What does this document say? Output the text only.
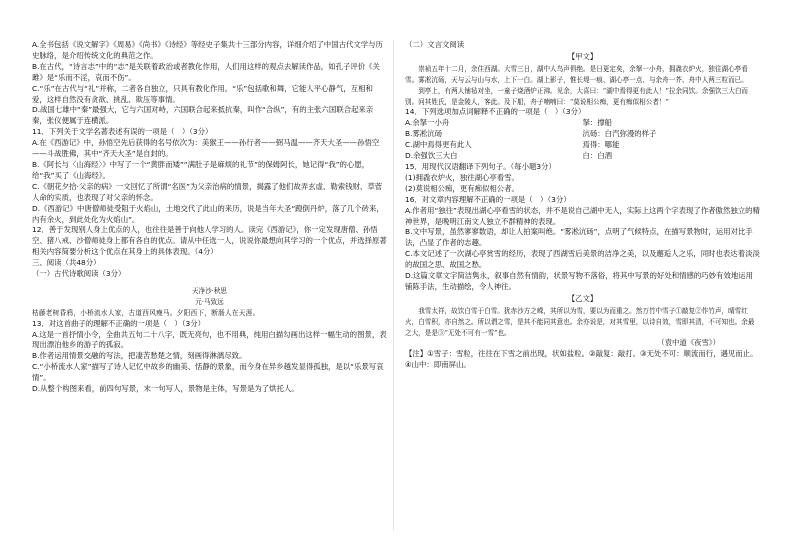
A.全书包括《说文解字》《周易》《尚书》《诗经》等经史子集共十三部分内容，详细介绍了中国古代文学与历史脉络，是介绍传统文化的典范之作。

B.在古代，“诗言志”中的“志”是关联着政治或者教化作用，人们用这样的观点去解读作品，如孔子评价《关雎》是“乐而不淫，哀而不伤”。

C.“乐”在古代与“礼”并称，二者各自独立，只具有教化作用。“乐”包括歌和舞，它能人平心静气，互相和爱，这样自然没有贪欲、挑乱、欺压等事情。

D.战国七雄中“秦”最强大，它与六国对峙，六国联合起来抵抗秦，叫作“合纵”，有的主张六国联合起来亲秦，张仪便属于连横派。

11．下列关于文学名著表述有误的一项是（　）（3分）

A.在《西游记》中，孙悟空先后获得的名号依次为：美猴王——孙行者——弼马温——齐天大圣——孙悟空——斗战胜佛，其中“齐天大圣”是自封的。

B.《阿长与〈山海经〉》中写了一个“黄胖而矮”“满肚子是麻烦的礼节”的保姆阿长，她记得“我”的心愿，给“我”买了《山海经》。

C.《朝花夕拾·父亲的病》一文回忆了所谓“名医”为父亲治病的情景，揭露了他们故弄玄虚、勒索钱财、草菅人命的实质，也表现了对父亲的怀念。

D.《西游记》中唐僧师徒受阻于火焰山，土地交代了此山的来历，说是当年大圣“蹬倒丹炉，落了几个砖来，内有余火，到此处化为火焰山”。

12．善于发现别人身上优点的人，也往往是善于向他人学习的人。读完《西游记》，你一定发现唐僧、孙悟空、猪八戒、沙僧师徒身上都有各自的优点。请从中任选一人，说说你最想向其学习的一个优点，并选择原著相关内容简要分析这个优点在其身上的具体表现。（4分）

三、阅读（共48分）

（一）古代诗歌阅读（3分）

天净沙·秋思

元·马致远

枯藤老树昏鸦，小桥流水人家，古道西风瘦马。夕阳西下，断肠人在天涯。

13．对这首曲子的理解不正确的一项是（　）（3分）

A.这是一首抒情小令，全曲共五句二十八字，既无亮句，也不用典，纯用白描勾画出这样一幅生动的图景，表现出漂泊他乡的游子的孤寂。

B.作者运用情景交融的写法，把凄苦愁楚之情，刻画得淋漓尽致。

C.“小桥流水人家”描写了诗人记忆中故乡的幽美、恬静的景象，而今身在异乡越发显得孤独，是以“乐景写哀情”。

D.从整个构图来看，前四句写景，末一句写人，景物是主体，写景是为了烘托人。

（二）文言文阅读

【甲文】

崇祯五年十二月，余住西湖。大雪三日，湖中人鸟声俱绝。是日更定矣，余拏一小舟，拥毳衣炉火，独往湖心亭看雪。雾凇沆砀，天与云与山与水，上下一白。湖上影子，惟长堤一痕、湖心亭一点、与余舟一芥、舟中人两三粒而已。

到亭上，有两人铺毡对坐，一童子烧酒炉正沸。见余，大喜曰：“湖中焉得更有此人！”拉余同饮。余强饮三大白而别。问其姓氏，是金陵人，客此。及下船，舟子喃喃曰：“莫说相公痴，更有痴似相公者！”

14．下列选项加点词解释不正确的一项是（　）（3分）

A.余拏一小舟	拏：撑船
B.雾凇沆砀	沆砀：白汽弥漫的样子
C.湖中焉得更有此人	焉得：哪能
D.余强饮三大白	白：白酒

15．用现代汉语翻译下列句子。（每小题3分）

(1)拥毳衣炉火，独往湖心亭看雪。

(2)莫说相公痴，更有痴似相公者。

16．对文章内容理解不正确的一项是（　）（3分）

A.作者用“独往”表现出湖心亭看雪的状态，并不是说自己湖中无人，实际上这两个字表现了作者傲然独立的精神世界，是晚明江南文人独立不群精神的表现。

B.文中写景，虽然寥寥数语，却让人拍案叫绝。“雾凇沆砀”，点明了气候特点，在描写景物时，运用对比手法，凸显了作者的志趣。

C.本文记述了一次湖心亭赏雪的经历，表现了西湖雪后美景的洁净之美，以及邂逅人之乐，同时也表达着淡淡的故国之思、故国之愁。

D.这篇文章文字简洁隽永，叙事自然有情韵，状景写物不落俗，将其中写景的好处和情感的巧妙有效地运用铺陈手法，生动描绘，令人神往。

【乙文】

我雪太祥，故饮白雪于白雪。犹赤沙方之嵘，其所以为雪，要以为而重之。然万竹中雪子①敲复②作竹声，晴雪红火，白雪积，亦自然之。所以谓之雪，是其不能同其意也。余亦说是，对其雪里，以诗自效，雪即其清，不可知也。余最之大，是是③“无处不可有一雪”也。

（袁中道《夜雪》）

【注】①雪子：雪粒，往往在下雪之前出现，状如盐粒。②敲复：敲打。③无处不可：顺流而行，遇见而止。④山中：即南屏山。
